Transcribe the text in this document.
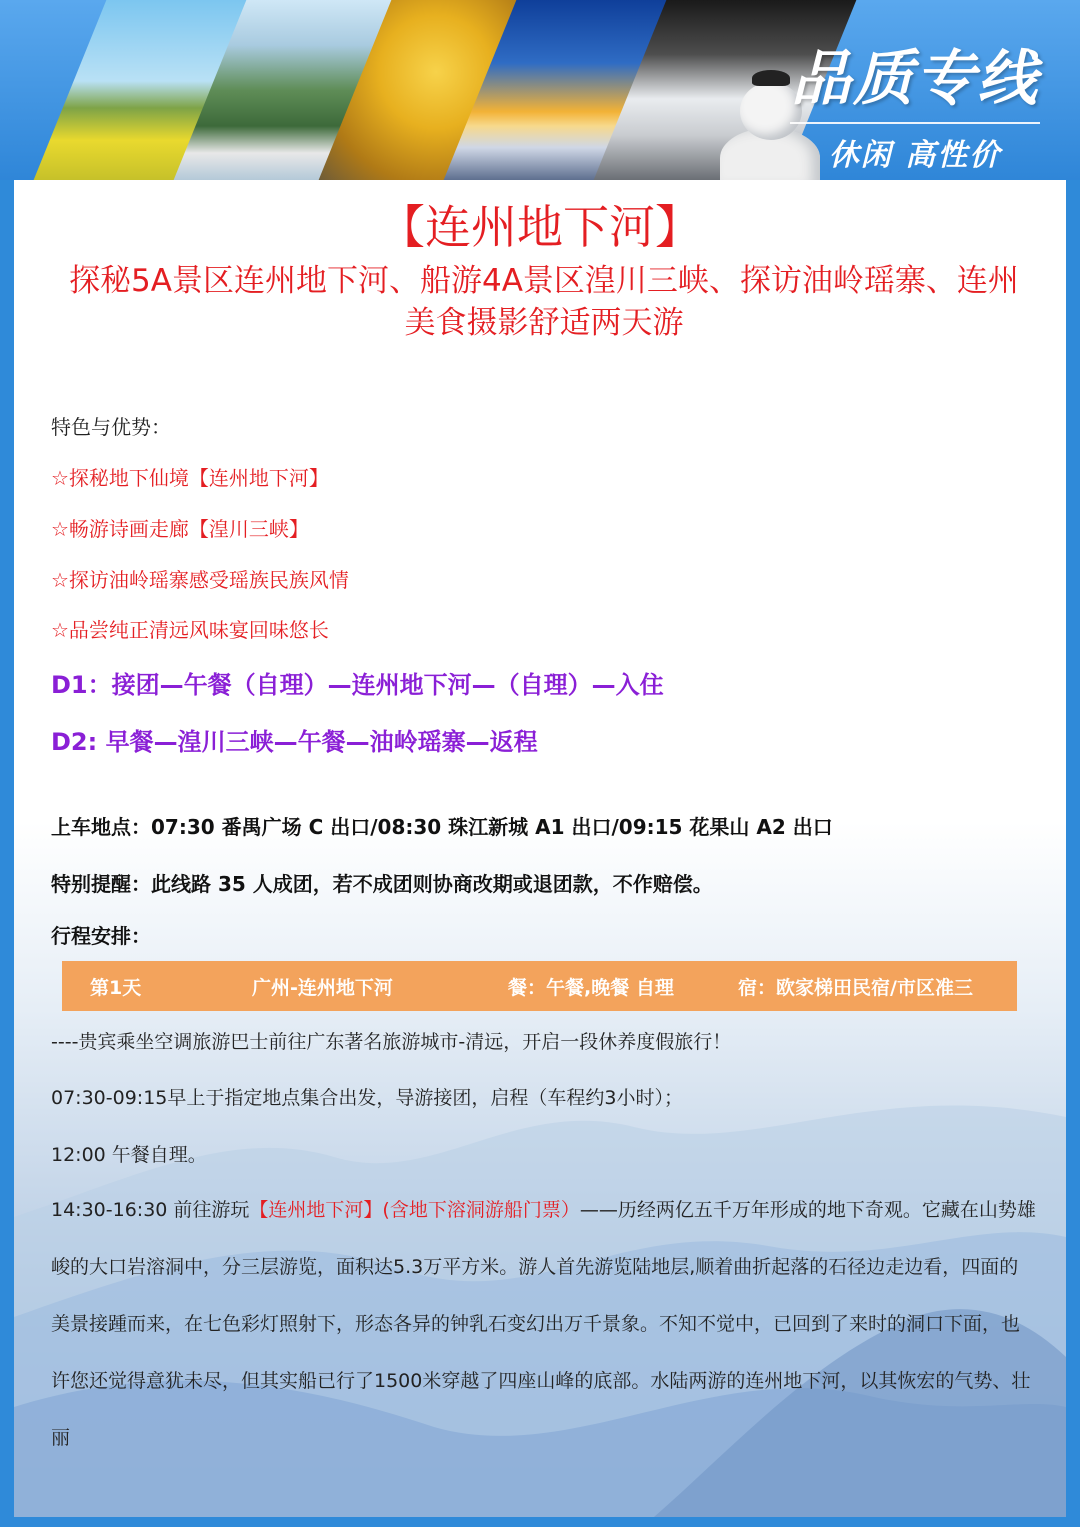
品质专线
休闲 高性价
【连州地下河】
探秘5A景区连州地下河、船游4A景区湟川三峡、探访油岭瑶寨、连州美食摄影舒适两天游
特色与优势：
☆探秘地下仙境【连州地下河】
☆畅游诗画走廊【湟川三峡】
☆探访油岭瑶寨感受瑶族民族风情
☆品尝纯正清远风味宴回味悠长
D1：接团—午餐（自理）—连州地下河—（自理）—入住
D2: 早餐—湟川三峡—午餐—油岭瑶寨—返程
上车地点：07:30 番禺广场 C 出口/08:30 珠江新城 A1 出口/09:15 花果山 A2 出口
特别提醒：此线路 35 人成团，若不成团则协商改期或退团款，不作赔偿。
行程安排：
第1天	广州-连州地下河	餐：午餐,晚餐 自理	宿：欧家梯田民宿/市区准三
----贵宾乘坐空调旅游巴士前往广东著名旅游城市-清远，开启一段休养度假旅行！
07:30-09:15早上于指定地点集合出发，导游接团，启程（车程约3小时）；
12:00 午餐自理。
14:30-16:30 前往游玩【连州地下河】(含地下溶洞游船门票）——历经两亿五千万年形成的地下奇观。它藏在山势雄峻的大口岩溶洞中，分三层游览，面积达5.3万平方米。游人首先游览陆地层,顺着曲折起落的石径边走边看，四面的美景接踵而来，在七色彩灯照射下，形态各异的钟乳石变幻出万千景象。不知不觉中，已回到了来时的洞口下面，也许您还觉得意犹未尽，但其实船已行了1500米穿越了四座山峰的底部。水陆两游的连州地下河，以其恢宏的气势、壮丽
